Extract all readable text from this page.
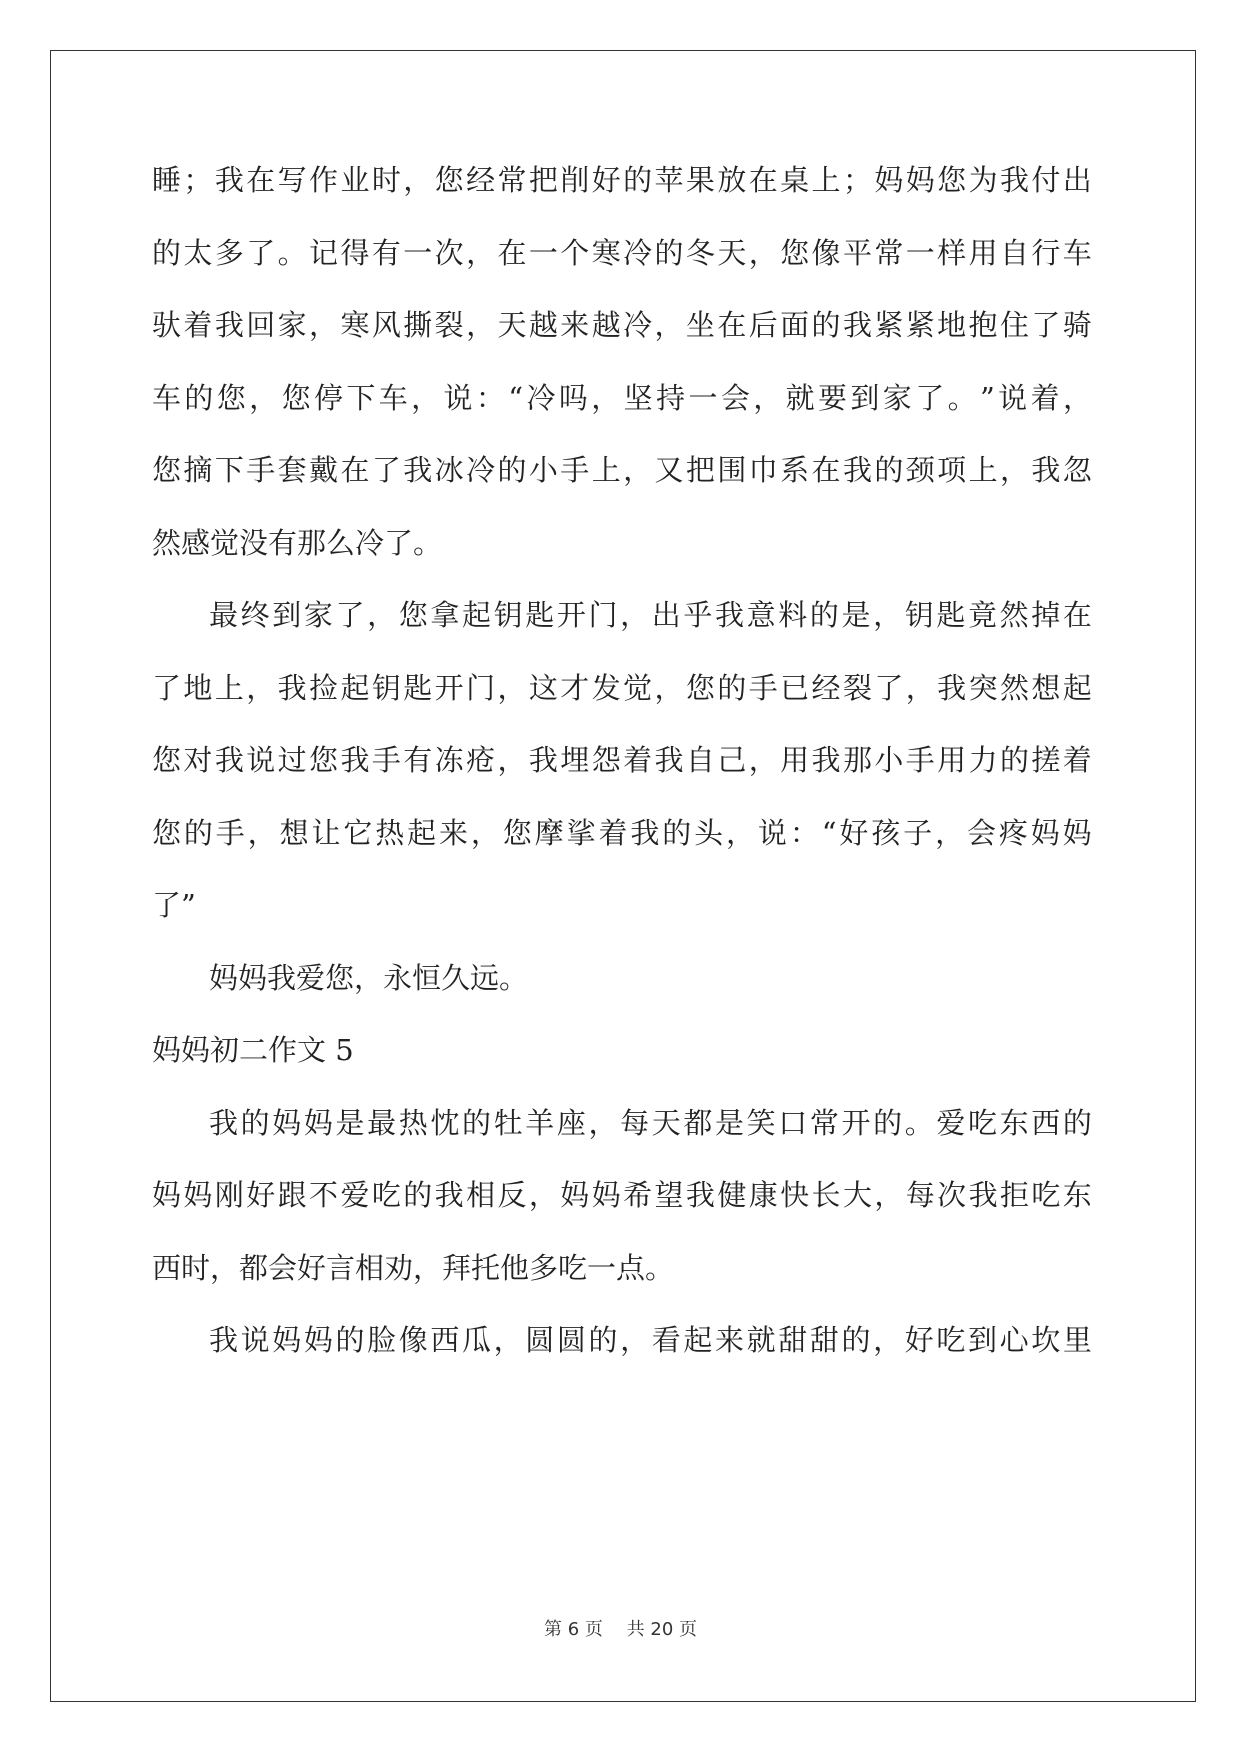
睡 ； 我 在 写 作 业 时 ， 您 经 常 把 削 好 的 苹 果 放 在 桌 上 ； 妈 妈 您 为 我 付 出
的 太 多 了 。 记 得 有 一 次 ， 在 一 个 寒 冷 的 冬 天 ， 您 像 平 常 一 样 用 自 行 车
驮 着 我 回 家 ， 寒 风 撕 裂 ， 天 越 来 越 冷 ， 坐 在 后 面 的 我 紧 紧 地 抱 住 了 骑
车 的 您 ， 您 停 下 车 ， 说 ： “ 冷 吗 ， 坚 持 一 会 ， 就 要 到 家 了 。 ” 说 着 ，
您 摘 下 手 套 戴 在 了 我 冰 冷 的 小 手 上 ， 又 把 围 巾 系 在 我 的 颈 项 上 ， 我 忽
然感觉没有那么冷了。
最 终 到 家 了 ， 您 拿 起 钥 匙 开 门 ， 出 乎 我 意 料 的 是 ， 钥 匙 竟 然 掉 在
了 地 上 ， 我 捡 起 钥 匙 开 门 ， 这 才 发 觉 ， 您 的 手 已 经 裂 了 ， 我 突 然 想 起
您 对 我 说 过 您 我 手 有 冻 疮 ， 我 埋 怨 着 我 自 己 ， 用 我 那 小 手 用 力 的 搓 着
您 的 手 ， 想 让 它 热 起 来 ， 您 摩 挲 着 我 的 头 ， 说 ： “ 好 孩 子 ， 会 疼 妈 妈
了”
妈妈我爱您，永恒久远。
妈妈初二作文 5
我 的 妈 妈 是 最 热 忱 的 牡 羊 座 ， 每 天 都 是 笑 口 常 开 的 。 爱 吃 东 西 的
妈 妈 刚 好 跟 不 爱 吃 的 我 相 反 ， 妈 妈 希 望 我 健 康 快 长 大 ， 每 次 我 拒 吃 东
西时，都会好言相劝，拜托他多吃一点。
我 说 妈 妈 的 脸 像 西 瓜 ， 圆 圆 的 ， 看 起 来 就 甜 甜 的 ， 好 吃 到 心 坎 里
第 6 页 共 20 页
